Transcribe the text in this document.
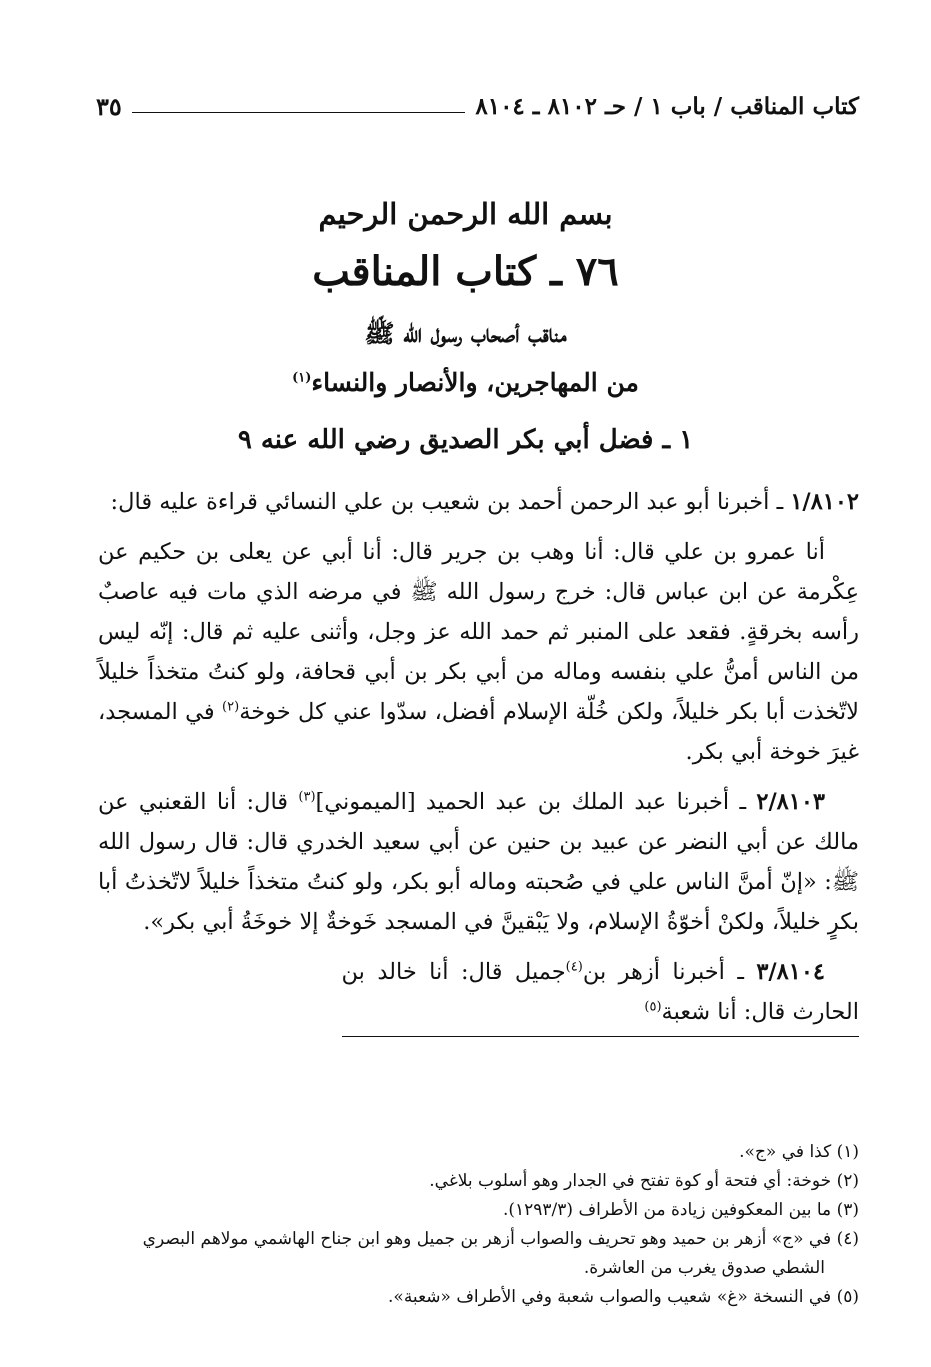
كتاب المناقب / باب ١ / حـ ٨١٠٢ ـ ٨١٠٤
٣٥
بسم الله الرحمن الرحيم
٧٦ ـ كتاب المناقب
مناقب أصحاب رسول الله ﷺ
من المهاجرين، والأنصار والنساء$^{(١)}$
١ ـ فضل أبي بكر الصديق رضي الله عنه ٩

١/٨١٠٢ ـ أخبرنا أبو عبد الرحمن أحمد بن شعيب بن علي النسائي قراءة عليه قال:

أنا عمرو بن علي قال: أنا وهب بن جرير قال: أنا أبي عن يعلى بن حكيم عن عِكْرمة عن ابن عباس قال: خرج رسول الله ﷺ في مرضه الذي مات فيه عاصبٌ رأسه بخرقةٍ. فقعد على المنبر ثم حمد الله عز وجل، وأثنى عليه ثم قال: إنّه ليس من الناس أمنُّ علي بنفسه وماله من أبي بكر بن أبي قحافة، ولو كنتُ متخذاً خليلاً لاتّخذت أبا بكر خليلاً، ولكن خُلّة الإسلام أفضل، سدّوا عني كل خوخة$^{(٢)}$ في المسجد، غيرَ خوخة أبي بكر.

٢/٨١٠٣ ـ أخبرنا عبد الملك بن عبد الحميد [الميموني]$^{(٣)}$ قال: أنا القعنبي عن مالك عن أبي النضر عن عبيد بن حنين عن أبي سعيد الخدري قال: قال رسول الله ﷺ: «إنّ أمنَّ الناس علي في صُحبته وماله أبو بكر، ولو كنتُ متخذاً خليلاً لاتّخذتُ أبا بكرٍ خليلاً، ولكنْ أخوّةُ الإسلام، ولا يَبْقينَّ في المسجد خَوخةٌ إلا خوخَةُ أبي بكر».

٣/٨١٠٤ ـ أخبرنا أزهر بن$^{(٤)}$جميل قال: أنا خالد بن الحارث قال: أنا شعبة$^{(٥)}$

(١) كذا في «ج».
(٢) خوخة: أي فتحة أو كوة تفتح في الجدار وهو أسلوب بلاغي.
(٣) ما بين المعكوفين زيادة من الأطراف (١٢٩٣/٣).
(٤) في «ج» أزهر بن حميد وهو تحريف والصواب أزهر بن جميل وهو ابن جناح الهاشمي مولاهم البصري
الشطي صدوق يغرب من العاشرة.
(٥) في النسخة «غ» شعيب والصواب شعبة وفي الأطراف «شعبة».
